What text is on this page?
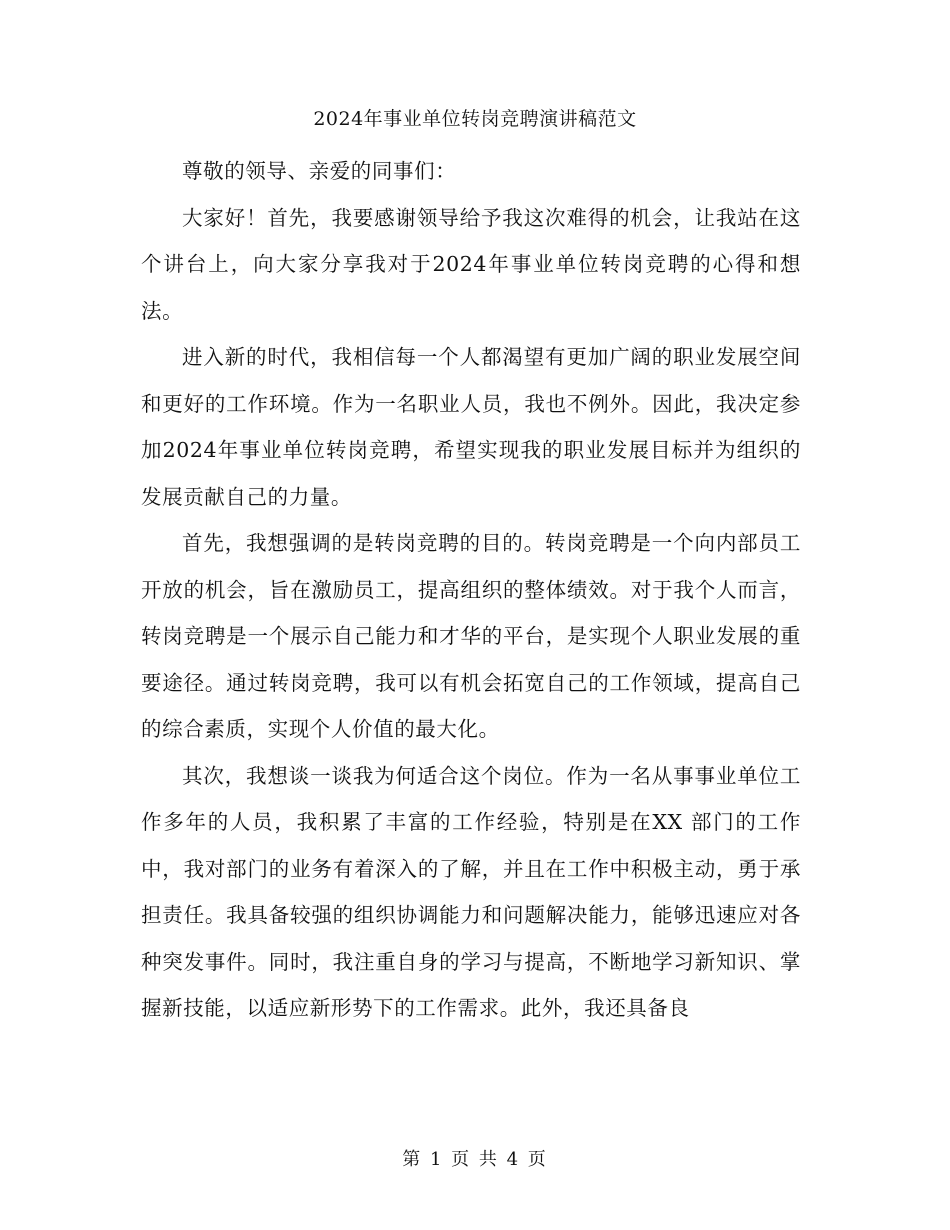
2024年事业单位转岗竞聘演讲稿范文

尊敬的领导、亲爱的同事们：

大家好！首先，我要感谢领导给予我这次难得的机会，让我站在这个讲台上，向大家分享我对于2024年事业单位转岗竞聘的心得和想法。

进入新的时代，我相信每一个人都渴望有更加广阔的职业发展空间和更好的工作环境。作为一名职业人员，我也不例外。因此，我决定参加2024年事业单位转岗竞聘，希望实现我的职业发展目标并为组织的发展贡献自己的力量。

首先，我想强调的是转岗竞聘的目的。转岗竞聘是一个向内部员工开放的机会，旨在激励员工，提高组织的整体绩效。对于我个人而言，转岗竞聘是一个展示自己能力和才华的平台，是实现个人职业发展的重要途径。通过转岗竞聘，我可以有机会拓宽自己的工作领域，提高自己的综合素质，实现个人价值的最大化。

其次，我想谈一谈我为何适合这个岗位。作为一名从事事业单位工作多年的人员，我积累了丰富的工作经验，特别是在XX 部门的工作中，我对部门的业务有着深入的了解，并且在工作中积极主动，勇于承担责任。我具备较强的组织协调能力和问题解决能力，能够迅速应对各种突发事件。同时，我注重自身的学习与提高，不断地学习新知识、掌握新技能，以适应新形势下的工作需求。此外，我还具备良

第 1 页 共 4 页
